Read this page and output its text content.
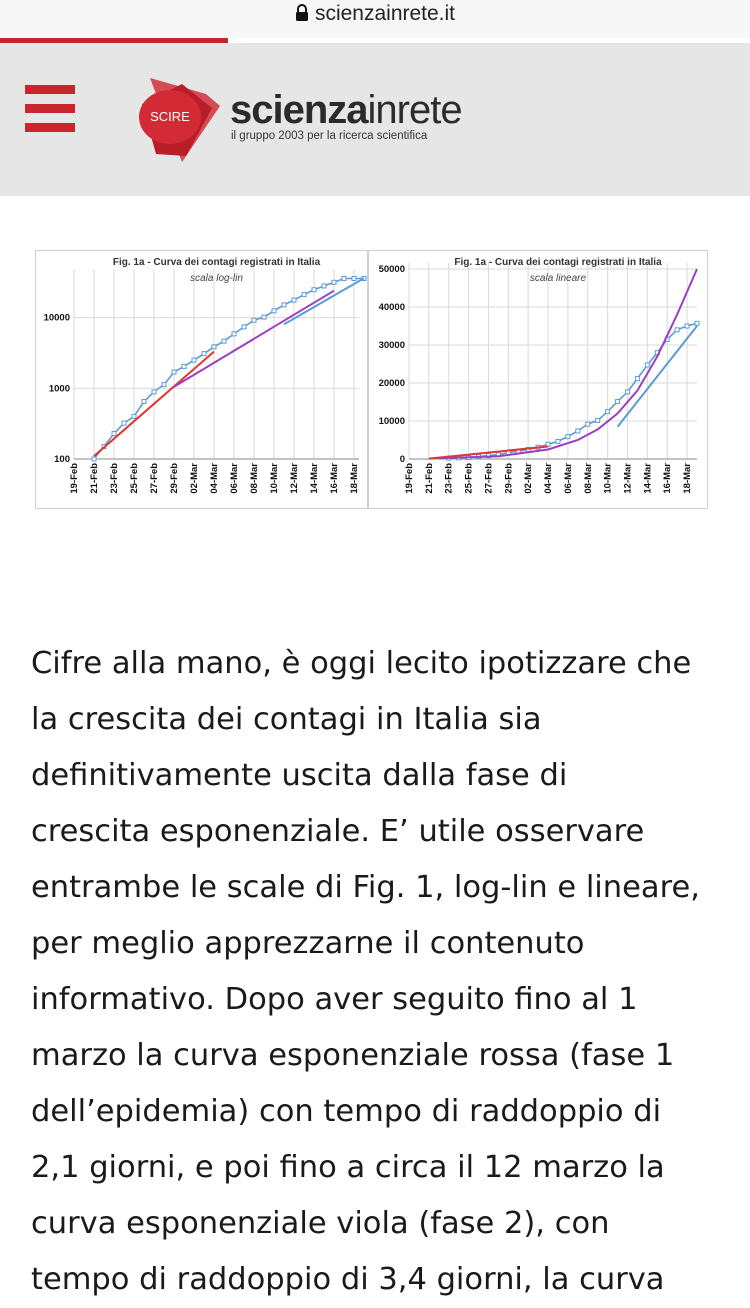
scienzainrete.it
SCIRE scienzainrete
il gruppo 2003 per la ricerca scientifica
100
1000
10000
19-Feb 21-Feb 23-Feb 25-Feb 27-Feb 29-Feb 02-Mar 04-Mar 06-Mar 08-Mar 10-Mar 12-Mar 14-Mar 16-Mar 18-Mar
Fig. 1a - Curva dei contagi registrati in Italia
scala log-lin
0
10000
20000
30000
40000
50000
19-Feb 21-Feb 23-Feb 25-Feb 27-Feb 29-Feb 02-Mar 04-Mar 06-Mar 08-Mar 10-Mar 12-Mar 14-Mar 16-Mar 18-Mar
Fig. 1a - Curva dei contagi registrati in Italia
scala lineare
Cifre alla mano, è oggi lecito ipotizzare che
la crescita dei contagi in Italia sia
definitivamente uscita dalla fase di
crescita esponenziale. E’ utile osservare
entrambe le scale di Fig. 1, log-lin e lineare,
per meglio apprezzarne il contenuto
informativo. Dopo aver seguito fino al 1
marzo la curva esponenziale rossa (fase 1
dell’epidemia) con tempo di raddoppio di
2,1 giorni, e poi fino a circa il 12 marzo la
curva esponenziale viola (fase 2), con
tempo di raddoppio di 3,4 giorni, la curva
